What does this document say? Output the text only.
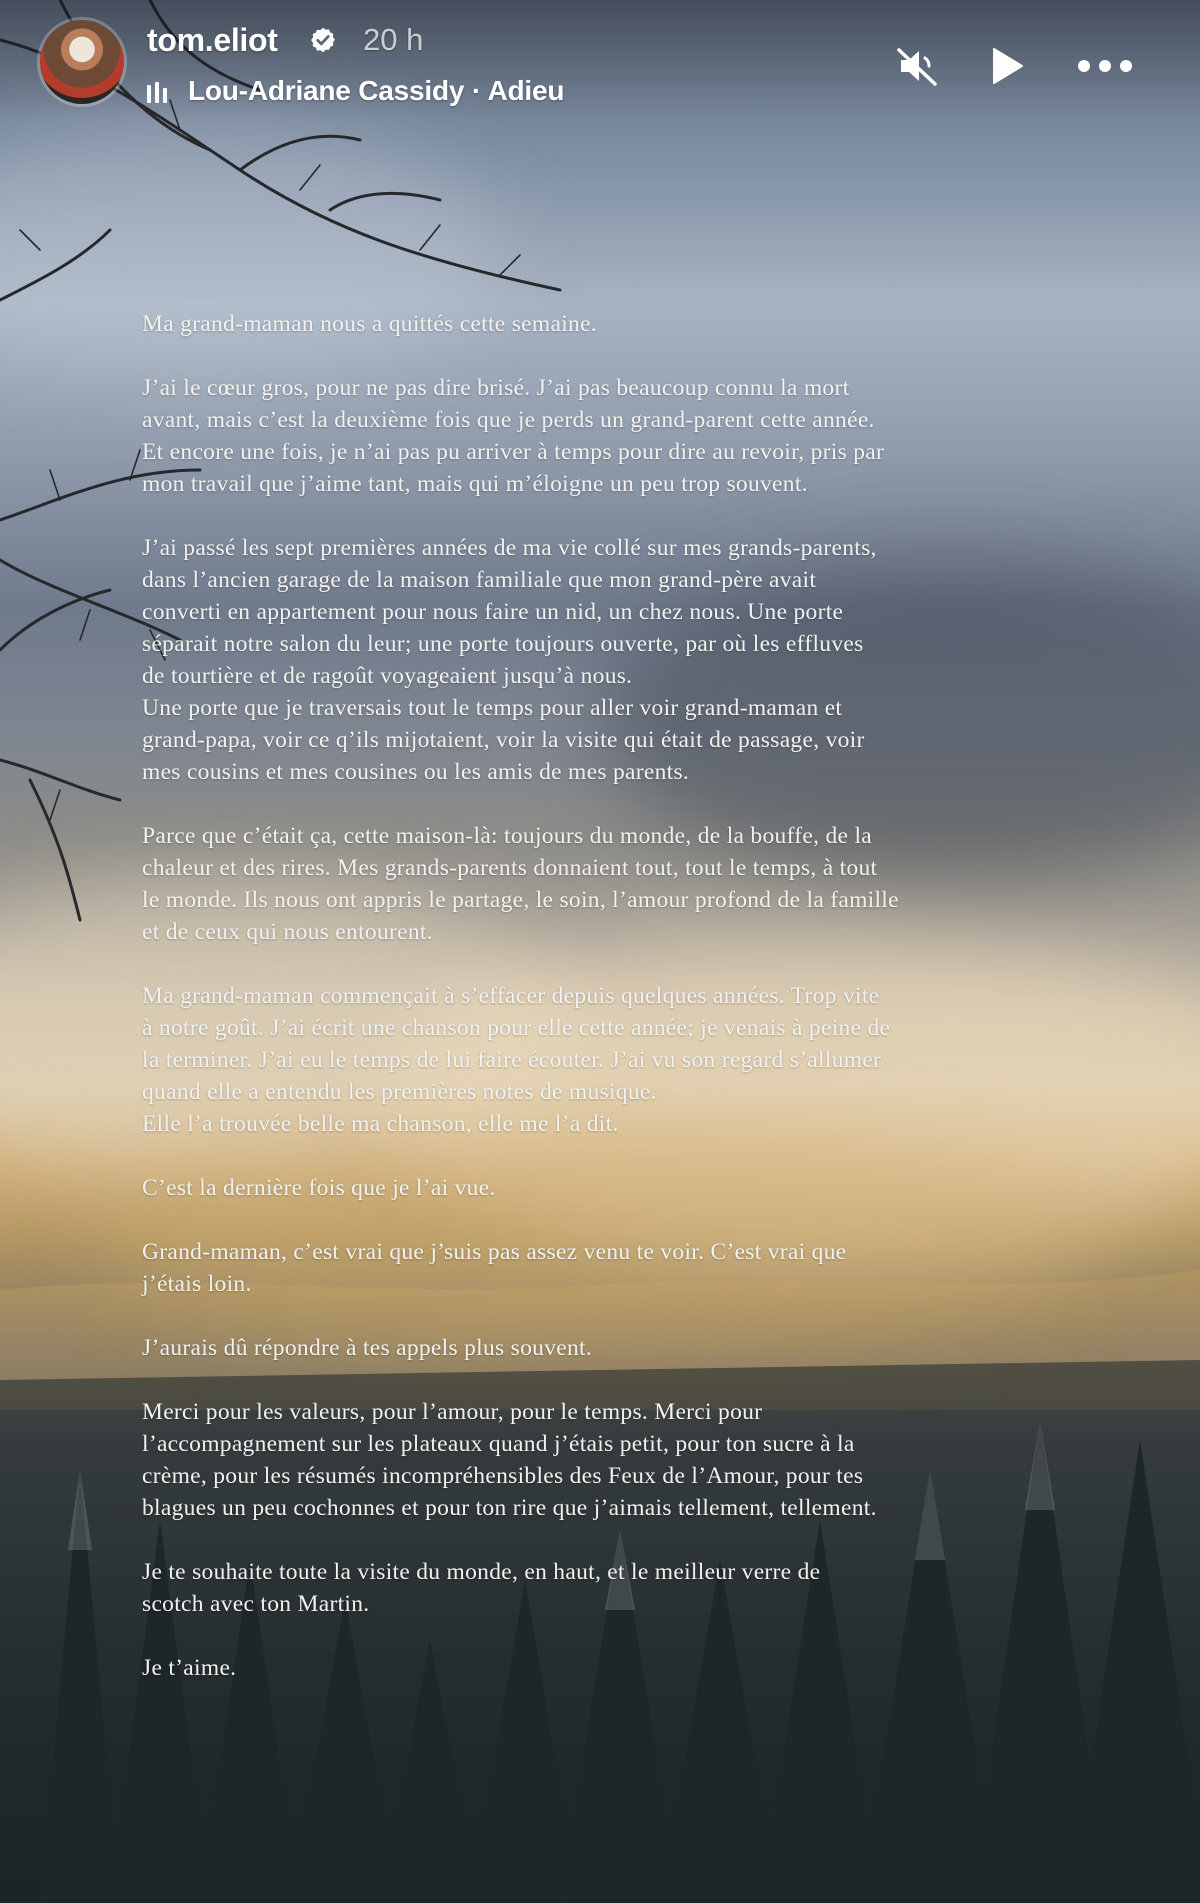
tom.eliot	20 h
Lou-Adriane Cassidy · Adieu

Ma grand-maman nous a quittés cette semaine.

J’ai le cœur gros, pour ne pas dire brisé. J’ai pas beaucoup connu la mort
avant, mais c’est la deuxième fois que je perds un grand-parent cette année.
Et encore une fois, je n’ai pas pu arriver à temps pour dire au revoir, pris par
mon travail que j’aime tant, mais qui m’éloigne un peu trop souvent.

J’ai passé les sept premières années de ma vie collé sur mes grands-parents,
dans l’ancien garage de la maison familiale que mon grand-père avait
converti en appartement pour nous faire un nid, un chez nous. Une porte
séparait notre salon du leur; une porte toujours ouverte, par où les effluves
de tourtière et de ragoût voyageaient jusqu’à nous.
Une porte que je traversais tout le temps pour aller voir grand-maman et
grand-papa, voir ce q’ils mijotaient, voir la visite qui était de passage, voir
mes cousins et mes cousines ou les amis de mes parents.

Parce que c’était ça, cette maison-là: toujours du monde, de la bouffe, de la
chaleur et des rires. Mes grands-parents donnaient tout, tout le temps, à tout
le monde. Ils nous ont appris le partage, le soin, l’amour profond de la famille
et de ceux qui nous entourent.

Ma grand-maman commençait à s’effacer depuis quelques années. Trop vite
à notre goût. J’ai écrit une chanson pour elle cette année; je venais à peine de
la terminer. J’ai eu le temps de lui faire écouter. J’ai vu son regard s’allumer
quand elle a entendu les premières notes de musique.
Elle l’a trouvée belle ma chanson, elle me l’a dit.

C’est la dernière fois que je l’ai vue.

Grand-maman, c’est vrai que j’suis pas assez venu te voir. C’est vrai que
j’étais loin.

J’aurais dû répondre à tes appels plus souvent.

Merci pour les valeurs, pour l’amour, pour le temps. Merci pour
l’accompagnement sur les plateaux quand j’étais petit, pour ton sucre à la
crème, pour les résumés incompréhensibles des Feux de l’Amour, pour tes
blagues un peu cochonnes et pour ton rire que j’aimais tellement, tellement.

Je te souhaite toute la visite du monde, en haut, et le meilleur verre de
scotch avec ton Martin.

Je t’aime.
